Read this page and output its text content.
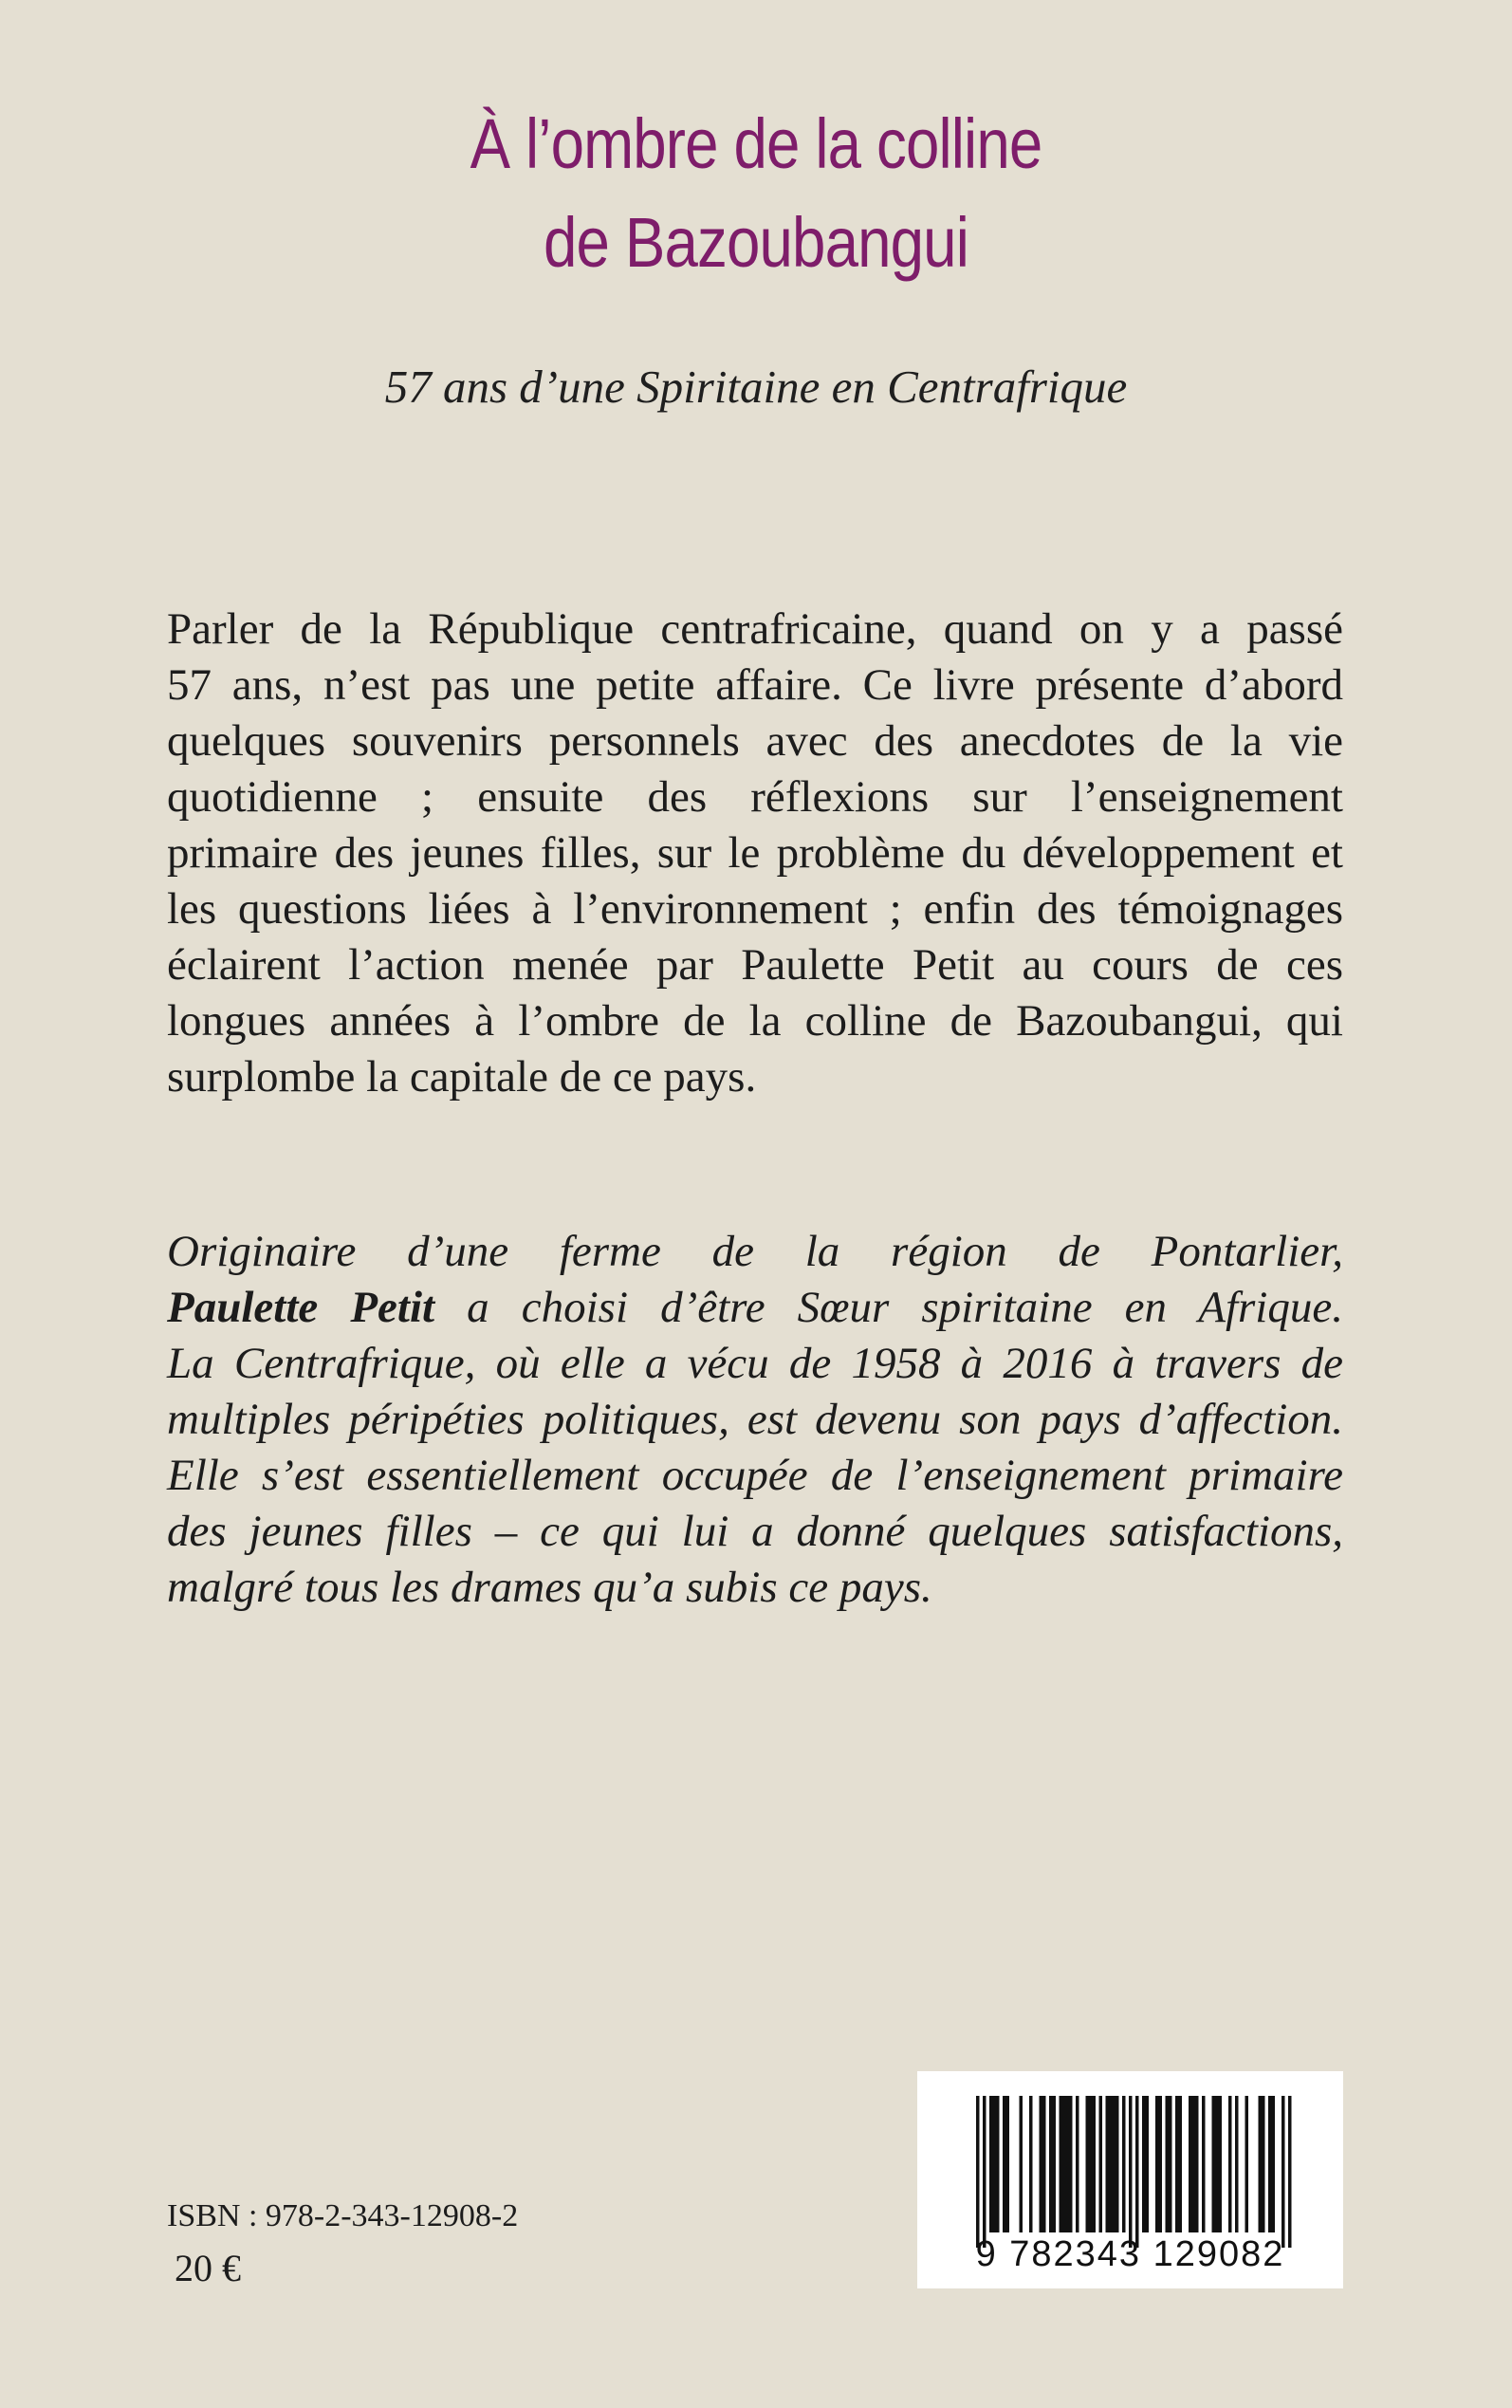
À l’ombre de la colline
de Bazoubangui
57 ans d’une Spiritaine en Centrafrique
Parler de la République centrafricaine, quand on y a passé
57 ans, n’est pas une petite affaire. Ce livre présente d’abord
quelques souvenirs personnels avec des anecdotes de la vie
quotidienne ; ensuite des réflexions sur l’enseignement
primaire des jeunes filles, sur le problème du développement et
les questions liées à l’environnement ; enfin des témoignages
éclairent l’action menée par Paulette Petit au cours de ces
longues années à l’ombre de la colline de Bazoubangui, qui
surplombe la capitale de ce pays.
Originaire d’une ferme de la région de Pontarlier,
Paulette Petit a choisi d’être Sœur spiritaine en Afrique.
La Centrafrique, où elle a vécu de 1958 à 2016 à travers de
multiples péripéties politiques, est devenu son pays d’affection.
Elle s’est essentiellement occupée de l’enseignement primaire
des jeunes filles – ce qui lui a donné quelques satisfactions,
malgré tous les drames qu’a subis ce pays.
ISBN : 978-2-343-12908-2
20 €	9 782343 129082
